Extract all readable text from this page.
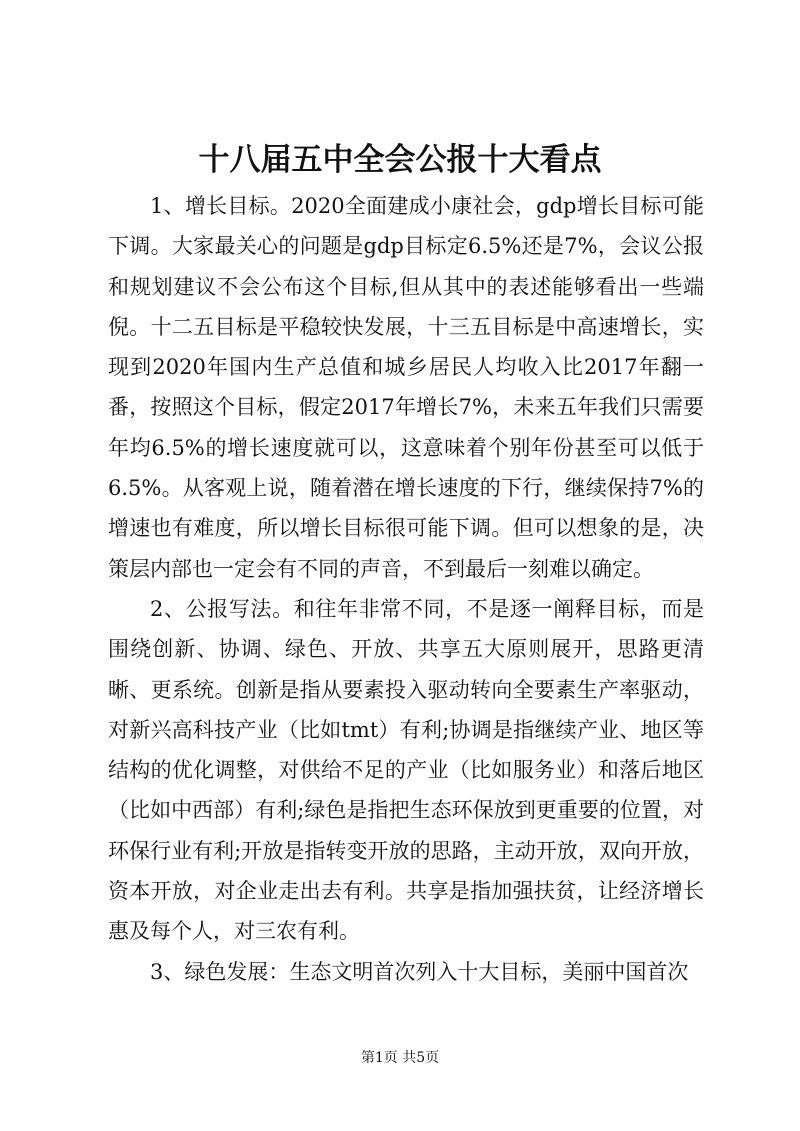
十八届五中全会公报十大看点

1、增长目标。2020全面建成小康社会，gdp增长目标可能下调。大家最关心的问题是gdp目标定6.5%还是7%，会议公报和规划建议不会公布这个目标,但从其中的表述能够看出一些端倪。十二五目标是平稳较快发展，十三五目标是中高速增长，实现到2020年国内生产总值和城乡居民人均收入比2017年翻一番，按照这个目标，假定2017年增长7%，未来五年我们只需要年均6.5%的增长速度就可以，这意味着个别年份甚至可以低于6.5%。从客观上说，随着潜在增长速度的下行，继续保持7%的增速也有难度，所以增长目标很可能下调。但可以想象的是，决策层内部也一定会有不同的声音，不到最后一刻难以确定。

2、公报写法。和往年非常不同，不是逐一阐释目标，而是围绕创新、协调、绿色、开放、共享五大原则展开，思路更清晰、更系统。创新是指从要素投入驱动转向全要素生产率驱动，对新兴高科技产业（比如tmt）有利;协调是指继续产业、地区等结构的优化调整，对供给不足的产业（比如服务业）和落后地区（比如中西部）有利;绿色是指把生态环保放到更重要的位置，对环保行业有利;开放是指转变开放的思路，主动开放，双向开放，资本开放，对企业走出去有利。共享是指加强扶贫，让经济增长惠及每个人，对三农有利。

3、绿色发展：生态文明首次列入十大目标，美丽中国首次

第1页 共5页
